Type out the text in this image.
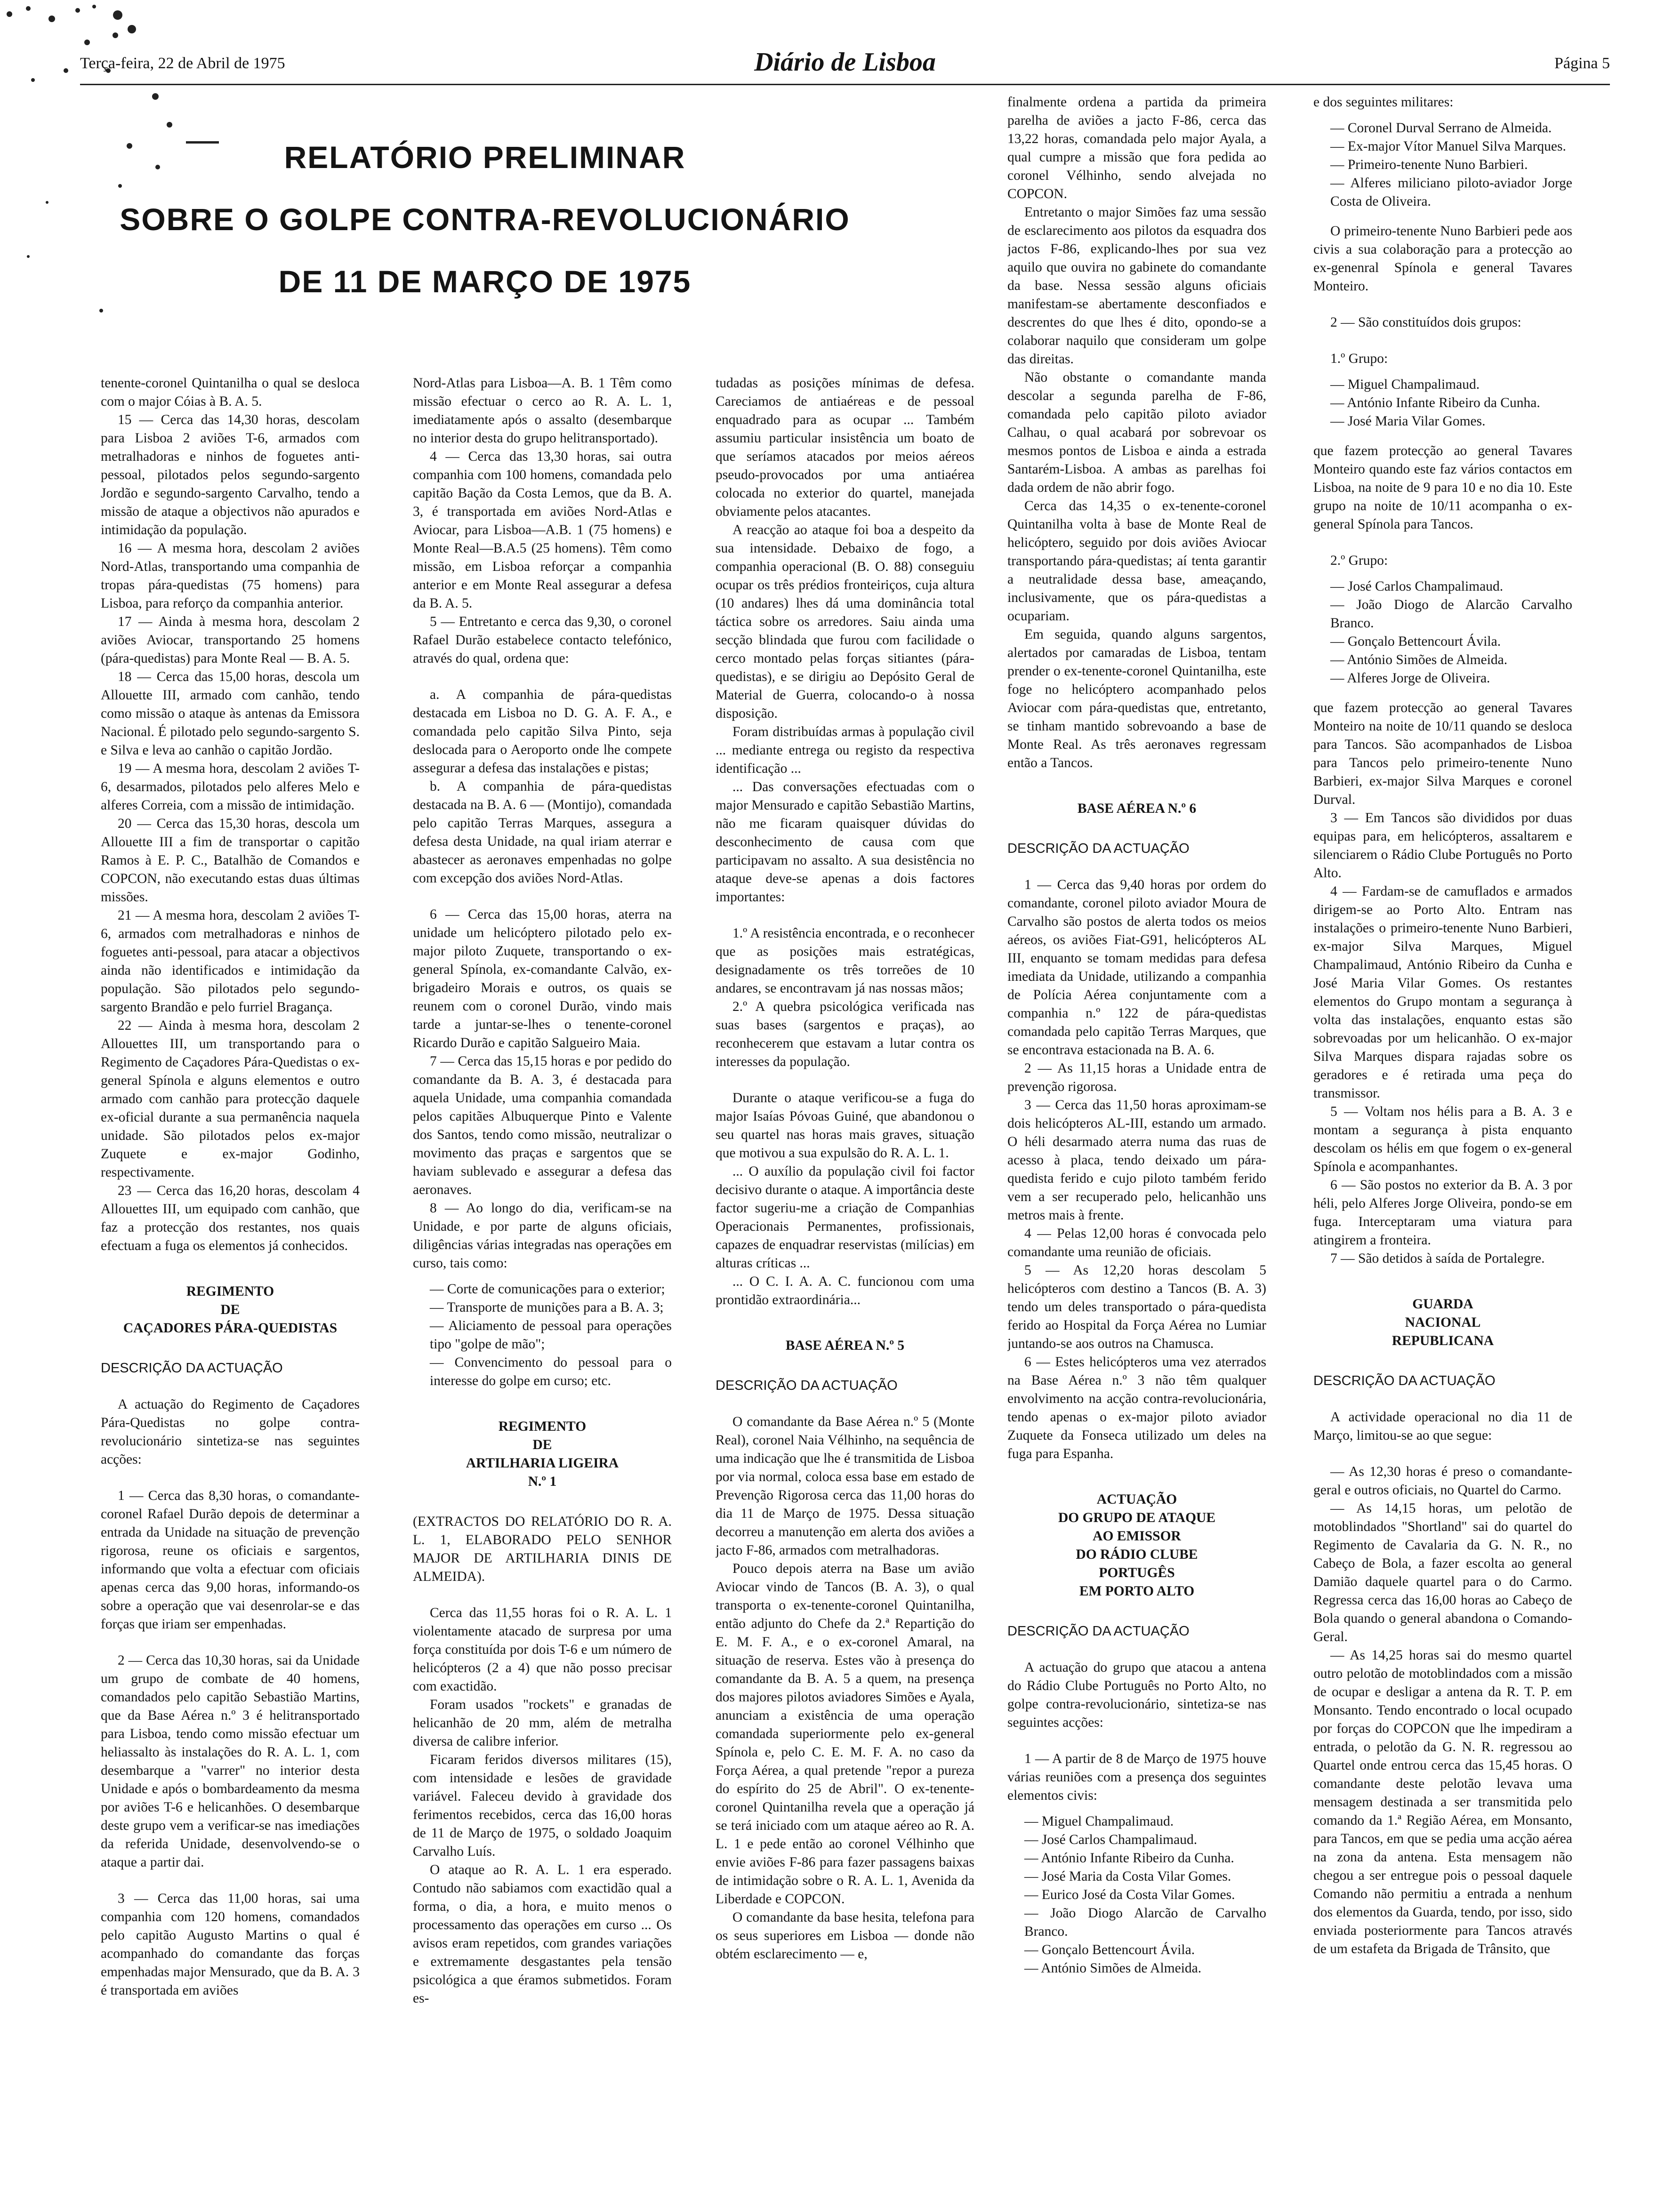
Terça-feira, 22 de Abril de 1975	Diário de Lisboa	Página 5
RELATÓRIO PRELIMINAR
SOBRE O GOLPE CONTRA-REVOLUCIONÁRIO
DE 11 DE MARÇO DE 1975

tenente-coronel Quintanilha o qual se desloca com o major Cóias à B. A. 5.

15 — Cerca das 14,30 horas, descolam para Lisboa 2 aviões T-6, armados com metralhadoras e ninhos de foguetes anti-pessoal, pilotados pelos segundo-sargento Jordão e segundo-sargento Carvalho, tendo a missão de ataque a objectivos não apurados e intimidação da população.

16 — A mesma hora, descolam 2 aviões Nord-Atlas, transportando uma companhia de tropas pára-quedistas (75 homens) para Lisboa, para reforço da companhia anterior.

17 — Ainda à mesma hora, descolam 2 aviões Aviocar, transportando 25 homens (pára-quedistas) para Monte Real — B. A. 5.

18 — Cerca das 15,00 horas, descola um Allouette III, armado com canhão, tendo como missão o ataque às antenas da Emissora Nacional. É pilotado pelo segundo-sargento S. e Silva e leva ao canhão o capitão Jordão.

19 — A mesma hora, descolam 2 aviões T-6, desarmados, pilotados pelo alferes Melo e alferes Correia, com a missão de intimidação.

20 — Cerca das 15,30 horas, descola um Allouette III a fim de transportar o capitão Ramos à E. P. C., Batalhão de Comandos e COPCON, não executando estas duas últimas missões.

21 — A mesma hora, descolam 2 aviões T-6, armados com metralhadoras e ninhos de foguetes anti-pessoal, para atacar a objectivos ainda não identificados e intimidação da população. São pilotados pelo segundo-sargento Brandão e pelo furriel Bragança.

22 — Ainda à mesma hora, descolam 2 Allouettes III, um transportando para o Regimento de Caçadores Pára-Quedistas o ex-general Spínola e alguns elementos e outro armado com canhão para protecção daquele ex-oficial durante a sua permanência naquela unidade. São pilotados pelos ex-major Zuquete e ex-major Godinho, respectivamente.

23 — Cerca das 16,20 horas, descolam 4 Allouettes III, um equipado com canhão, que faz a protecção dos restantes, nos quais efectuam a fuga os elementos já conhecidos.

REGIMENTO
DE
CAÇADORES PÁRA-QUEDISTAS

DESCRIÇÃO DA ACTUAÇÃO

A actuação do Regimento de Caçadores Pára-Quedistas no golpe contra-revolucionário sintetiza-se nas seguintes acções:

1 — Cerca das 8,30 horas, o comandante-coronel Rafael Durão depois de determinar a entrada da Unidade na situação de prevenção rigorosa, reune os oficiais e sargentos, informando que volta a efectuar com oficiais apenas cerca das 9,00 horas, informando-os sobre a operação que vai desenrolar-se e das forças que iriam ser empenhadas.

2 — Cerca das 10,30 horas, sai da Unidade um grupo de combate de 40 homens, comandados pelo capitão Sebastião Martins, que da Base Aérea n.º 3 é helitransportado para Lisboa, tendo como missão efectuar um heliassalto às instalações do R. A. L. 1, com desembarque a "varrer" no interior desta Unidade e após o bombardeamento da mesma por aviões T-6 e helicanhões. O desembarque deste grupo vem a verificar-se nas imediações da referida Unidade, desenvolvendo-se o ataque a partir dai.

3 — Cerca das 11,00 horas, sai uma companhia com 120 homens, comandados pelo capitão Augusto Martins o qual é acompanhado do comandante das forças empenhadas major Mensurado, que da B. A. 3 é transportada em aviões

Nord-Atlas para Lisboa—A. B. 1 Têm como missão efectuar o cerco ao R. A. L. 1, imediatamente após o assalto (desembarque no interior desta do grupo helitransportado).

4 — Cerca das 13,30 horas, sai outra companhia com 100 homens, comandada pelo capitão Bação da Costa Lemos, que da B. A. 3, é transportada em aviões Nord-Atlas e Aviocar, para Lisboa—A.B. 1 (75 homens) e Monte Real—B.A.5 (25 homens). Têm como missão, em Lisboa reforçar a companhia anterior e em Monte Real assegurar a defesa da B. A. 5.

5 — Entretanto e cerca das 9,30, o coronel Rafael Durão estabelece contacto telefónico, através do qual, ordena que:

a. A companhia de pára-quedistas destacada em Lisboa no D. G. A. F. A., e comandada pelo capitão Silva Pinto, seja deslocada para o Aeroporto onde lhe compete assegurar a defesa das instalações e pistas;

b. A companhia de pára-quedistas destacada na B. A. 6 — (Montijo), comandada pelo capitão Terras Marques, assegura a defesa desta Unidade, na qual iriam aterrar e abastecer as aeronaves empenhadas no golpe com excepção dos aviões Nord-Atlas.

6 — Cerca das 15,00 horas, aterra na unidade um helicóptero pilotado pelo ex-major piloto Zuquete, transportando o ex-general Spínola, ex-comandante Calvão, ex-brigadeiro Morais e outros, os quais se reunem com o coronel Durão, vindo mais tarde a juntar-se-lhes o tenente-coronel Ricardo Durão e capitão Salgueiro Maia.

7 — Cerca das 15,15 horas e por pedido do comandante da B. A. 3, é destacada para aquela Unidade, uma companhia comandada pelos capitães Albuquerque Pinto e Valente dos Santos, tendo como missão, neutralizar o movimento das praças e sargentos que se haviam sublevado e assegurar a defesa das aeronaves.

8 — Ao longo do dia, verificam-se na Unidade, e por parte de alguns oficiais, diligências várias integradas nas operações em curso, tais como:

— Corte de comunicações para o exterior;
— Transporte de munições para a B. A. 3;
— Aliciamento de pessoal para operações tipo "golpe de mão";
— Convencimento do pessoal para o interesse do golpe em curso; etc.
REGIMENTO
DE
ARTILHARIA LIGEIRA
N.º 1

(EXTRACTOS DO RELATÓRIO DO R. A. L. 1, ELABORADO PELO SENHOR MAJOR DE ARTILHARIA DINIS DE ALMEIDA).

Cerca das 11,55 horas foi o R. A. L. 1 violentamente atacado de surpresa por uma força constituída por dois T-6 e um número de helicópteros (2 a 4) que não posso precisar com exactidão.

Foram usados "rockets" e granadas de helicanhão de 20 mm, além de metralha diversa de calibre inferior.

Ficaram feridos diversos militares (15), com intensidade e lesões de gravidade variável. Faleceu devido à gravidade dos ferimentos recebidos, cerca das 16,00 horas de 11 de Março de 1975, o soldado Joaquim Carvalho Luís.

O ataque ao R. A. L. 1 era esperado. Contudo não sabiamos com exactidão qual a forma, o dia, a hora, e muito menos o processamento das operações em curso ... Os avisos eram repetidos, com grandes variações e extremamente desgastantes pela tensão psicológica a que éramos submetidos. Foram es-

tudadas as posições mínimas de defesa. Careciamos de antiaéreas e de pessoal enquadrado para as ocupar ... Também assumiu particular insistência um boato de que seríamos atacados por meios aéreos pseudo-provocados por uma antiaérea colocada no exterior do quartel, manejada obviamente pelos atacantes.

A reacção ao ataque foi boa a despeito da sua intensidade. Debaixo de fogo, a companhia operacional (B. O. 88) conseguiu ocupar os três prédios fronteiriços, cuja altura (10 andares) lhes dá uma dominância total táctica sobre os arredores. Saiu ainda uma secção blindada que furou com facilidade o cerco montado pelas forças sitiantes (pára-quedistas), e se dirigiu ao Depósito Geral de Material de Guerra, colocando-o à nossa disposição.

Foram distribuídas armas à população civil ... mediante entrega ou registo da respectiva identificação ...

... Das conversações efectuadas com o major Mensurado e capitão Sebastião Martins, não me ficaram quaisquer dúvidas do desconhecimento de causa com que participavam no assalto. A sua desistência no ataque deve-se apenas a dois factores importantes:

1.º A resistência encontrada, e o reconhecer que as posições mais estratégicas, designadamente os três torreões de 10 andares, se encontravam já nas nossas mãos;

2.º A quebra psicológica verificada nas suas bases (sargentos e praças), ao reconhecerem que estavam a lutar contra os interesses da população.

Durante o ataque verificou-se a fuga do major Isaías Póvoas Guiné, que abandonou o seu quartel nas horas mais graves, situação que motivou a sua expulsão do R. A. L. 1.

... O auxílio da população civil foi factor decisivo durante o ataque. A importância deste factor sugeriu-me a criação de Companhias Operacionais Permanentes, profissionais, capazes de enquadrar reservistas (milícias) em alturas críticas ...

... O C. I. A. A. C. funcionou com uma prontidão extraordinária...

BASE AÉREA N.º 5

DESCRIÇÃO DA ACTUAÇÃO

O comandante da Base Aérea n.º 5 (Monte Real), coronel Naia Vélhinho, na sequência de uma indicação que lhe é transmitida de Lisboa por via normal, coloca essa base em estado de Prevenção Rigorosa cerca das 11,00 horas do dia 11 de Março de 1975. Dessa situação decorreu a manutenção em alerta dos aviões a jacto F-86, armados com metralhadoras.

Pouco depois aterra na Base um avião Aviocar vindo de Tancos (B. A. 3), o qual transporta o ex-tenente-coronel Quintanilha, então adjunto do Chefe da 2.ª Repartição do E. M. F. A., e o ex-coronel Amaral, na situação de reserva. Estes vão à presença do comandante da B. A. 5 a quem, na presença dos majores pilotos aviadores Simões e Ayala, anunciam a existência de uma operação comandada superiormente pelo ex-general Spínola e, pelo C. E. M. F. A. no caso da Força Aérea, a qual pretende "repor a pureza do espírito do 25 de Abril". O ex-tenente-coronel Quintanilha revela que a operação já se terá iniciado com um ataque aéreo ao R. A. L. 1 e pede então ao coronel Vélhinho que envie aviões F-86 para fazer passagens baixas de intimidação sobre o R. A. L. 1, Avenida da Liberdade e COPCON.

O comandante da base hesita, telefona para os seus superiores em Lisboa — donde não obtém esclarecimento — e,

finalmente ordena a partida da primeira parelha de aviões a jacto F-86, cerca das 13,22 horas, comandada pelo major Ayala, a qual cumpre a missão que fora pedida ao coronel Vélhinho, sendo alvejada no COPCON.

Entretanto o major Simões faz uma sessão de esclarecimento aos pilotos da esquadra dos jactos F-86, explicando-lhes por sua vez aquilo que ouvira no gabinete do comandante da base. Nessa sessão alguns oficiais manifestam-se abertamente desconfiados e descrentes do que lhes é dito, opondo-se a colaborar naquilo que consideram um golpe das direitas.

Não obstante o comandante manda descolar a segunda parelha de F-86, comandada pelo capitão piloto aviador Calhau, o qual acabará por sobrevoar os mesmos pontos de Lisboa e ainda a estrada Santarém-Lisboa. A ambas as parelhas foi dada ordem de não abrir fogo.

Cerca das 14,35 o ex-tenente-coronel Quintanilha volta à base de Monte Real de helicóptero, seguido por dois aviões Aviocar transportando pára-quedistas; aí tenta garantir a neutralidade dessa base, ameaçando, inclusivamente, que os pára-quedistas a ocupariam.

Em seguida, quando alguns sargentos, alertados por camaradas de Lisboa, tentam prender o ex-tenente-coronel Quintanilha, este foge no helicóptero acompanhado pelos Aviocar com pára-quedistas que, entretanto, se tinham mantido sobrevoando a base de Monte Real. As três aeronaves regressam então a Tancos.

BASE AÉREA N.º 6

DESCRIÇÃO DA ACTUAÇÃO

1 — Cerca das 9,40 horas por ordem do comandante, coronel piloto aviador Moura de Carvalho são postos de alerta todos os meios aéreos, os aviões Fiat-G91, helicópteros AL III, enquanto se tomam medidas para defesa imediata da Unidade, utilizando a companhia de Polícia Aérea conjuntamente com a companhia n.º 122 de pára-quedistas comandada pelo capitão Terras Marques, que se encontrava estacionada na B. A. 6.

2 — As 11,15 horas a Unidade entra de prevenção rigorosa.

3 — Cerca das 11,50 horas aproximam-se dois helicópteros AL-III, estando um armado. O héli desarmado aterra numa das ruas de acesso à placa, tendo deixado um pára-quedista ferido e cujo piloto também ferido vem a ser recuperado pelo, helicanhão uns metros mais à frente.

4 — Pelas 12,00 horas é convocada pelo comandante uma reunião de oficiais.

5 — As 12,20 horas descolam 5 helicópteros com destino a Tancos (B. A. 3) tendo um deles transportado o pára-quedista ferido ao Hospital da Força Aérea no Lumiar juntando-se aos outros na Chamusca.

6 — Estes helicópteros uma vez aterrados na Base Aérea n.º 3 não têm qualquer envolvimento na acção contra-revolucionária, tendo apenas o ex-major piloto aviador Zuquete da Fonseca utilizado um deles na fuga para Espanha.

ACTUAÇÃO
DO GRUPO DE ATAQUE
AO EMISSOR
DO RÁDIO CLUBE
PORTUGÊS
EM PORTO ALTO

DESCRIÇÃO DA ACTUAÇÃO

A actuação do grupo que atacou a antena do Rádio Clube Português no Porto Alto, no golpe contra-revolucionário, sintetiza-se nas seguintes acções:

1 — A partir de 8 de Março de 1975 houve várias reuniões com a presença dos seguintes elementos civis:

— Miguel Champalimaud.
— José Carlos Champalimaud.
— António Infante Ribeiro da Cunha.
— José Maria da Costa Vilar Gomes.
— Eurico José da Costa Vilar Gomes.
— João Diogo Alarcão de Carvalho Branco.
— Gonçalo Bettencourt Ávila.
— António Simões de Almeida.

e dos seguintes militares:

— Coronel Durval Serrano de Almeida.
— Ex-major Vítor Manuel Silva Marques.
— Primeiro-tenente Nuno Barbieri.
— Alferes miliciano piloto-aviador Jorge Costa de Oliveira.

O primeiro-tenente Nuno Barbieri pede aos civis a sua colaboração para a protecção ao ex-genenral Spínola e general Tavares Monteiro.

2 — São constituídos dois grupos:

1.º Grupo:

— Miguel Champalimaud.
— António Infante Ribeiro da Cunha.
— José Maria Vilar Gomes.

que fazem protecção ao general Tavares Monteiro quando este faz vários contactos em Lisboa, na noite de 9 para 10 e no dia 10. Este grupo na noite de 10/11 acompanha o ex-general Spínola para Tancos.

2.º Grupo:

— José Carlos Champalimaud.
— João Diogo de Alarcão Carvalho Branco.
— Gonçalo Bettencourt Ávila.
— António Simões de Almeida.
— Alferes Jorge de Oliveira.

que fazem protecção ao general Tavares Monteiro na noite de 10/11 quando se desloca para Tancos. São acompanhados de Lisboa para Tancos pelo primeiro-tenente Nuno Barbieri, ex-major Silva Marques e coronel Durval.

3 — Em Tancos são divididos por duas equipas para, em helicópteros, assaltarem e silenciarem o Rádio Clube Português no Porto Alto.

4 — Fardam-se de camuflados e armados dirigem-se ao Porto Alto. Entram nas instalações o primeiro-tenente Nuno Barbieri, ex-major Silva Marques, Miguel Champalimaud, António Ribeiro da Cunha e José Maria Vilar Gomes. Os restantes elementos do Grupo montam a segurança à volta das instalações, enquanto estas são sobrevoadas por um helicanhão. O ex-major Silva Marques dispara rajadas sobre os geradores e é retirada uma peça do transmissor.

5 — Voltam nos hélis para a B. A. 3 e montam a segurança à pista enquanto descolam os hélis em que fogem o ex-general Spínola e acompanhantes.

6 — São postos no exterior da B. A. 3 por héli, pelo Alferes Jorge Oliveira, pondo-se em fuga. Interceptaram uma viatura para atingirem a fronteira.

7 — São detidos à saída de Portalegre.

GUARDA
NACIONAL
REPUBLICANA

DESCRIÇÃO DA ACTUAÇÃO

A actividade operacional no dia 11 de Março, limitou-se ao que segue:

— As 12,30 horas é preso o comandante-geral e outros oficiais, no Quartel do Carmo.

— As 14,15 horas, um pelotão de motoblindados "Shortland" sai do quartel do Regimento de Cavalaria da G. N. R., no Cabeço de Bola, a fazer escolta ao general Damião daquele quartel para o do Carmo. Regressa cerca das 16,00 horas ao Cabeço de Bola quando o general abandona o Comando-Geral.

— As 14,25 horas sai do mesmo quartel outro pelotão de motoblindados com a missão de ocupar e desligar a antena da R. T. P. em Monsanto. Tendo encontrado o local ocupado por forças do COPCON que lhe impediram a entrada, o pelotão da G. N. R. regressou ao Quartel onde entrou cerca das 15,45 horas. O comandante deste pelotão levava uma mensagem destinada a ser transmitida pelo comando da 1.ª Região Aérea, em Monsanto, para Tancos, em que se pedia uma acção aérea na zona da antena. Esta mensagem não chegou a ser entregue pois o pessoal daquele Comando não permitiu a entrada a nenhum dos elementos da Guarda, tendo, por isso, sido enviada posteriormente para Tancos através de um estafeta da Brigada de Trânsito, que
